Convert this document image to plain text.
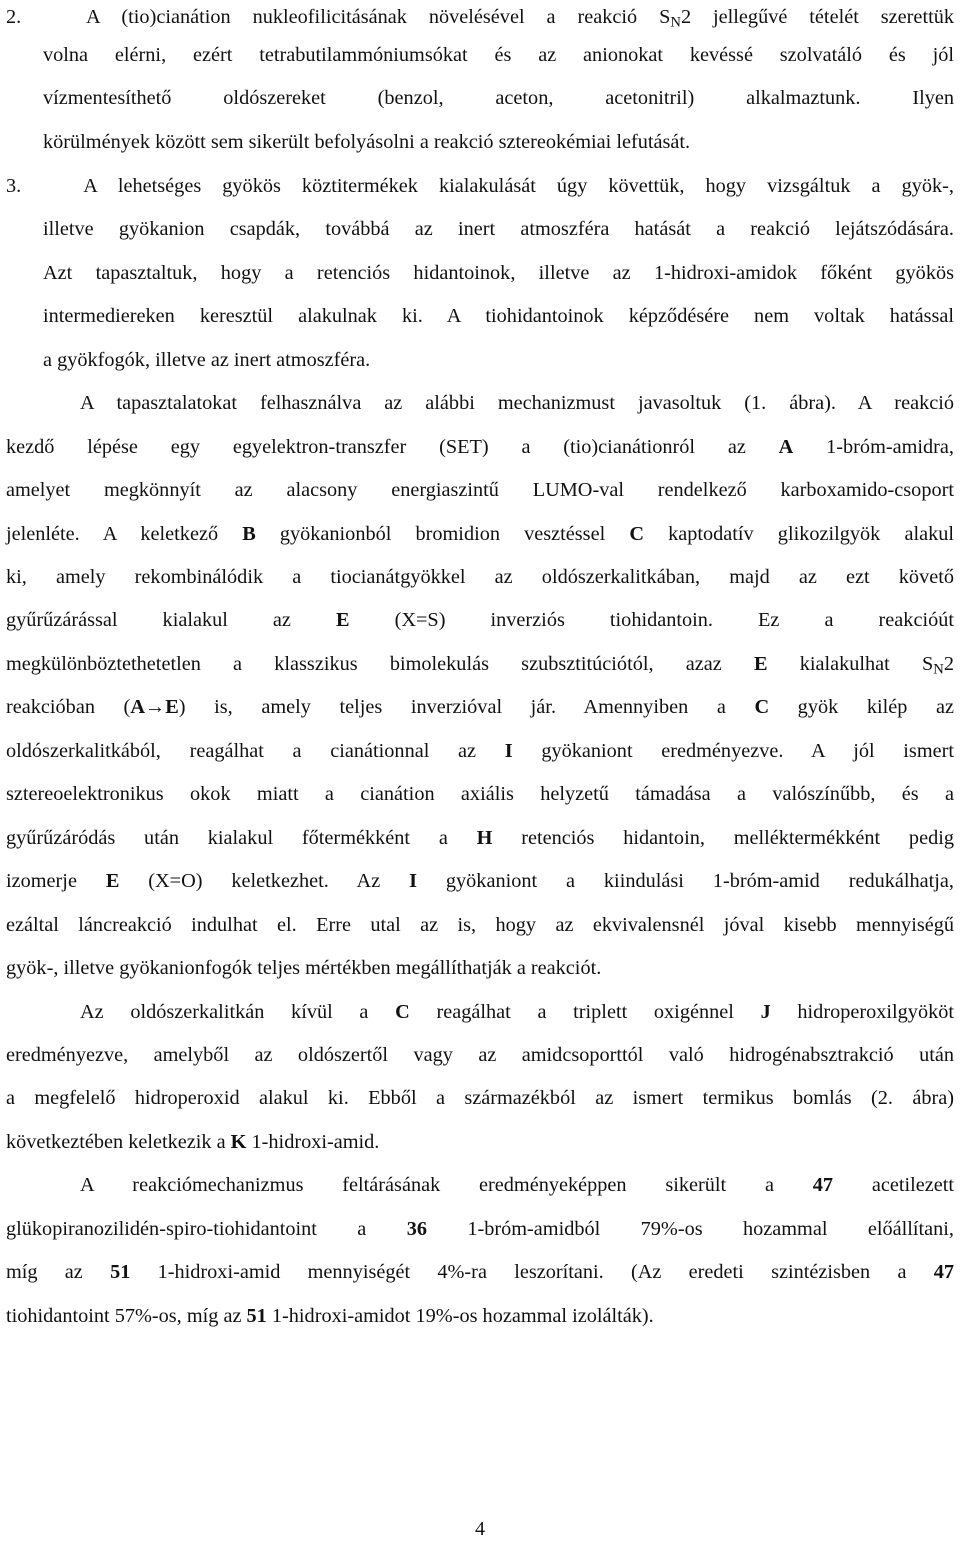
2.	A (tio)cianátion nukleofilicitásának növelésével a reakció $S_N2$ jellegűvé tételét szerettük
volna elérni, ezért tetrabutilammóniumsókat és az anionokat kevéssé szolvatáló és jól
vízmentesíthető oldószereket (benzol, aceton, acetonitril) alkalmaztunk. Ilyen
körülmények között sem sikerült befolyásolni a reakció sztereokémiai lefutását.
3.	A lehetséges gyökös köztitermékek kialakulását úgy követtük, hogy vizsgáltuk a gyök-,
illetve gyökanion csapdák, továbbá az inert atmoszféra hatását a reakció lejátszódására.
Azt tapasztaltuk, hogy a retenciós hidantoinok, illetve az 1-hidroxi-amidok főként gyökös
intermediereken keresztül alakulnak ki. A tiohidantoinok képződésére nem voltak hatással
a gyökfogók, illetve az inert atmoszféra.
A tapasztalatokat felhasználva az alábbi mechanizmust javasoltuk (1. ábra). A reakció
kezdő lépése egy egyelektron-transzfer (SET) a (tio)cianátionról az A 1-bróm-amidra,
amelyet megkönnyít az alacsony energiaszintű LUMO-val rendelkező karboxamido-csoport
jelenléte. A keletkező B gyökanionból bromidion vesztéssel C kaptodatív glikozilgyök alakul
ki, amely rekombinálódik a tiocianátgyökkel az oldószerkalitkában, majd az ezt követő
gyűrűzárással kialakul az E (X=S) inverziós tiohidantoin. Ez a reakcióút
megkülönböztethetetlen a klasszikus bimolekulás szubsztitúciótól, azaz E kialakulhat $S_N2$
reakcióban (A→E) is, amely teljes inverzióval jár. Amennyiben a C gyök kilép az
oldószerkalitkából, reagálhat a cianátionnal az I gyökaniont eredményezve. A jól ismert
sztereoelektronikus okok miatt a cianátion axiális helyzetű támadása a valószínűbb, és a
gyűrűzáródás után kialakul főtermékként a H retenciós hidantoin, melléktermékként pedig
izomerje E (X=O) keletkezhet. Az I gyökaniont a kiindulási 1-bróm-amid redukálhatja,
ezáltal láncreakció indulhat el. Erre utal az is, hogy az ekvivalensnél jóval kisebb mennyiségű
gyök-, illetve gyökanionfogók teljes mértékben megállíthatják a reakciót.
Az oldószerkalitkán kívül a C reagálhat a triplett oxigénnel J hidroperoxilgyököt
eredményezve, amelyből az oldószertől vagy az amidcsoporttól való hidrogénabsztrakció után
a megfelelő hidroperoxid alakul ki. Ebből a származékból az ismert termikus bomlás (2. ábra)
következtében keletkezik a K 1-hidroxi-amid.
A reakciómechanizmus feltárásának eredményeképpen sikerült a 47 acetilezett
glükopiranozilidén-spiro-tiohidantoint a 36 1-bróm-amidból 79%-os hozammal előállítani,
míg az 51 1-hidroxi-amid mennyiségét 4%-ra leszorítani. (Az eredeti szintézisben a 47
tiohidantoint 57%-os, míg az 51 1-hidroxi-amidot 19%-os hozammal izolálták).
4
